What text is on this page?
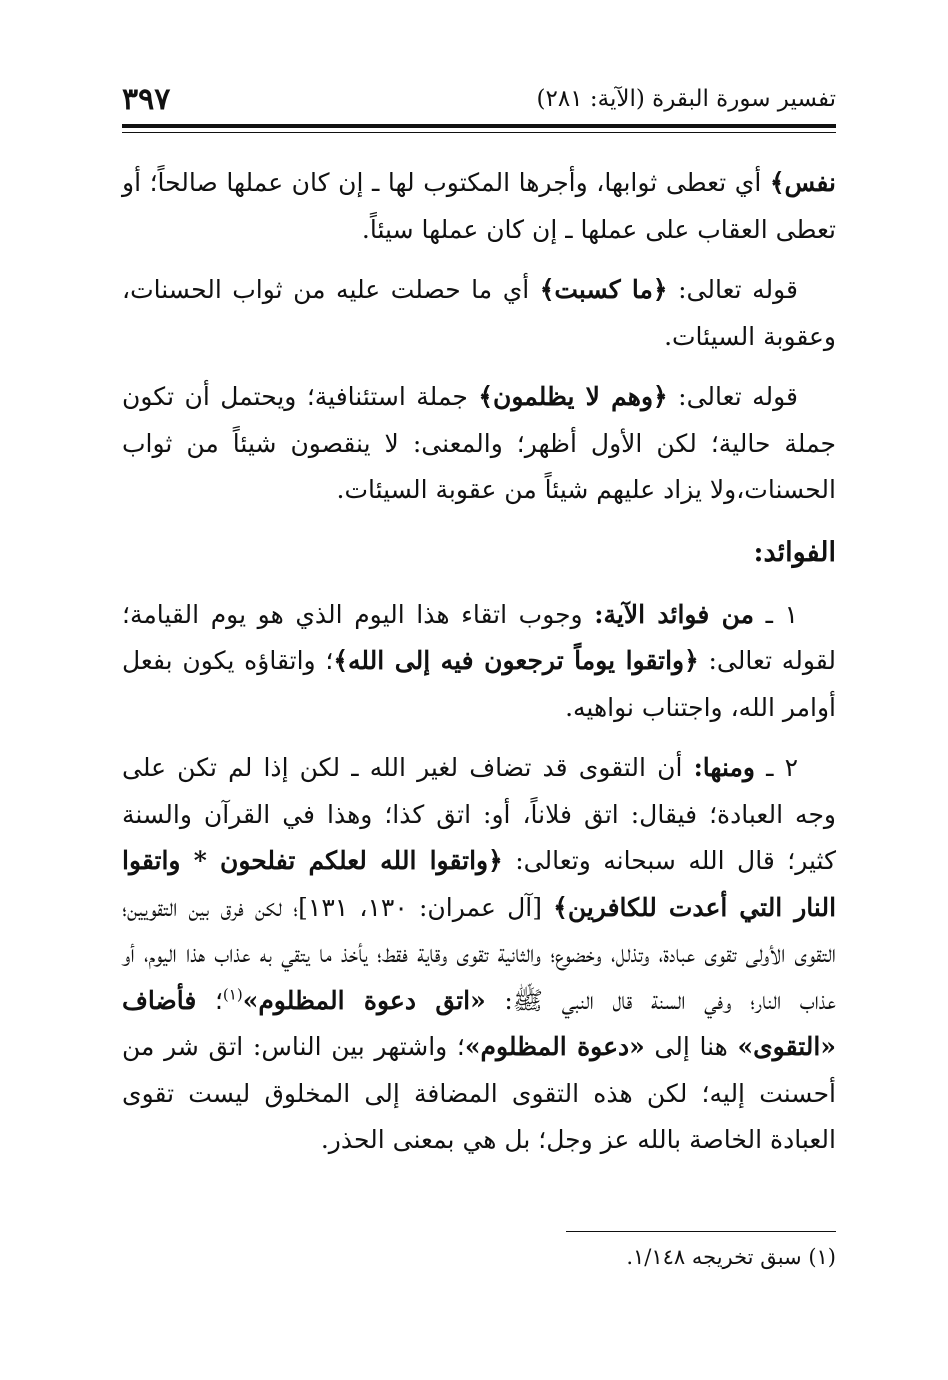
تفسير سورة البقرة (الآية: ٢٨١)
٣٩٧

نفس﴾ أي تعطى ثوابها، وأجرها المكتوب لها ـ إن كان عملها صالحاً؛ أو تعطى العقاب على عملها ـ إن كان عملها سيئاً.

قوله تعالى: ﴿ما كسبت﴾ أي ما حصلت عليه من ثواب الحسنات، وعقوبة السيئات.

قوله تعالى: ﴿وهم لا يظلمون﴾ جملة استئنافية؛ ويحتمل أن تكون جملة حالية؛ لكن الأول أظهر؛ والمعنى: لا ينقصون شيئاً من ثواب الحسنات،ولا يزاد عليهم شيئاً من عقوبة السيئات.

الفوائد:

١ ـ من فوائد الآية: وجوب اتقاء هذا اليوم الذي هو يوم القيامة؛ لقوله تعالى: ﴿واتقوا يوماً ترجعون فيه إلى الله﴾؛ واتقاؤه يكون بفعل أوامر الله، واجتناب نواهيه.

٢ ـ ومنها: أن التقوى قد تضاف لغير الله ـ لكن إذا لم تكن على وجه العبادة؛ فيقال: اتق فلاناً، أو: اتق كذا؛ وهذا في القرآن والسنة كثير؛ قال الله سبحانه وتعالى: ﴿واتقوا الله لعلكم تفلحون * واتقوا النار التي أعدت للكافرين﴾ [آل عمران: ١٣٠، ١٣١]؛ لكن فرق بين التقويين؛ التقوى الأولى تقوى عبادة، وتذلل، وخضوع؛ والثانية تقوى وقاية فقط؛ يأخذ ما يتقي به عذاب هذا اليوم، أو عذاب النار؛ وفي السنة قال النبي ﷺ: «اتق دعوة المظلوم»$^{(١)}$؛ فأضاف «التقوى» هنا إلى «دعوة المظلوم»؛ واشتهر بين الناس: اتق شر من أحسنت إليه؛ لكن هذه التقوى المضافة إلى المخلوق ليست تقوى العبادة الخاصة بالله عز وجل؛ بل هي بمعنى الحذر.

(١) سبق تخريجه ١/١٤٨.
